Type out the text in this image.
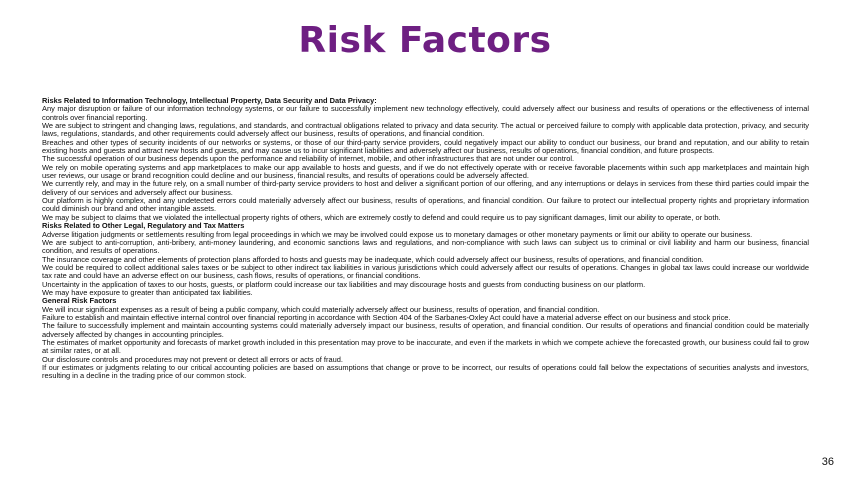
Risk Factors
Risks Related to Information Technology, Intellectual Property, Data Security and Data Privacy:

Any major disruption or failure of our information technology systems, or our failure to successfully implement new technology effectively, could adversely affect our business and results of operations or the effectiveness of internal controls over financial reporting.

We are subject to stringent and changing laws, regulations, and standards, and contractual obligations related to privacy and data security. The actual or perceived failure to comply with applicable data protection, privacy, and security laws, regulations, standards, and other requirements could adversely affect our business, results of operations, and financial condition.

Breaches and other types of security incidents of our networks or systems, or those of our third-party service providers, could negatively impact our ability to conduct our business, our brand and reputation, and our ability to retain existing hosts and guests and attract new hosts and guests, and may cause us to incur significant liabilities and adversely affect our business, results of operations, financial condition, and future prospects.

The successful operation of our business depends upon the performance and reliability of internet, mobile, and other infrastructures that are not under our control.

We rely on mobile operating systems and app marketplaces to make our app available to hosts and guests, and if we do not effectively operate with or receive favorable placements within such app marketplaces and maintain high user reviews, our usage or brand recognition could decline and our business, financial results, and results of operations could be adversely affected.

We currently rely, and may in the future rely, on a small number of third-party service providers to host and deliver a significant portion of our offering, and any interruptions or delays in services from these third parties could impair the delivery of our services and adversely affect our business.

Our platform is highly complex, and any undetected errors could materially adversely affect our business, results of operations, and financial condition. Our failure to protect our intellectual property rights and proprietary information could diminish our brand and other intangible assets.

We may be subject to claims that we violated the intellectual property rights of others, which are extremely costly to defend and could require us to pay significant damages, limit our ability to operate, or both.

Risks Related to Other Legal, Regulatory and Tax Matters

Adverse litigation judgments or settlements resulting from legal proceedings in which we may be involved could expose us to monetary damages or other monetary payments or limit our ability to operate our business.

We are subject to anti-corruption, anti-bribery, anti-money laundering, and economic sanctions laws and regulations, and non-compliance with such laws can subject us to criminal or civil liability and harm our business, financial condition, and results of operations.

The insurance coverage and other elements of protection plans afforded to hosts and guests may be inadequate, which could adversely affect our business, results of operations, and financial condition.

We could be required to collect additional sales taxes or be subject to other indirect tax liabilities in various jurisdictions which could adversely affect our results of operations. Changes in global tax laws could increase our worldwide tax rate and could have an adverse effect on our business, cash flows, results of operations, or financial conditions.

Uncertainty in the application of taxes to our hosts, guests, or platform could increase our tax liabilities and may discourage hosts and guests from conducting business on our platform.

We may have exposure to greater than anticipated tax liabilities.

General Risk Factors

We will incur significant expenses as a result of being a public company, which could materially adversely affect our business, results of operation, and financial condition.

Failure to establish and maintain effective internal control over financial reporting in accordance with Section 404 of the Sarbanes-Oxley Act could have a material adverse effect on our business and stock price.

The failure to successfully implement and maintain accounting systems could materially adversely impact our business, results of operation, and financial condition. Our results of operations and financial condition could be materially adversely affected by changes in accounting principles.

The estimates of market opportunity and forecasts of market growth included in this presentation may prove to be inaccurate, and even if the markets in which we compete achieve the forecasted growth, our business could fail to grow at similar rates, or at all.

Our disclosure controls and procedures may not prevent or detect all errors or acts of fraud.

If our estimates or judgments relating to our critical accounting policies are based on assumptions that change or prove to be incorrect, our results of operations could fall below the expectations of securities analysts and investors, resulting in a decline in the trading price of our common stock.

36
